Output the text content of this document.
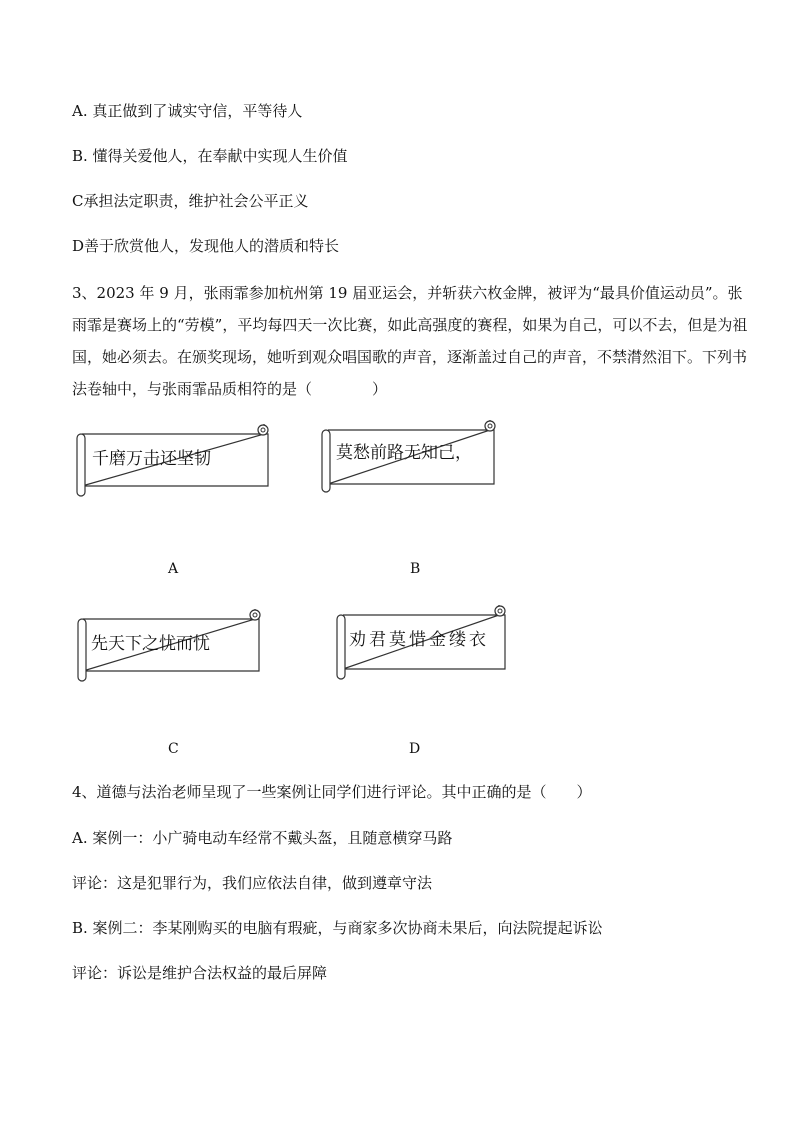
A. 真正做到了诚实守信，平等待人
B. 懂得关爱他人，在奉献中实现人生价值
C承担法定职责，维护社会公平正义
D善于欣赏他人，发现他人的潜质和特长
3、2023 年 9 月，张雨霏参加杭州第 19 届亚运会，并斩获六枚金牌，被评为“最具价值运动员”。张雨霏是赛场上的“劳模”，平均每四天一次比赛，如此高强度的赛程，如果为自己，可以不去，但是为祖国，她必须去。在颁奖现场，她听到观众唱国歌的声音，逐渐盖过自己的声音，不禁潸然泪下。下列书法卷轴中，与张雨霏品质相符的是（　　　　）
千磨万击还坚韧	莫愁前路无知己，
A	B
先天下之忧而忧	劝君莫惜金缕衣
C	D
4、道德与法治老师呈现了一些案例让同学们进行评论。其中正确的是（　　）
A. 案例一：小广骑电动车经常不戴头盔，且随意横穿马路
评论：这是犯罪行为，我们应依法自律，做到遵章守法
B. 案例二：李某刚购买的电脑有瑕疵，与商家多次协商未果后，向法院提起诉讼
评论：诉讼是维护合法权益的最后屏障
